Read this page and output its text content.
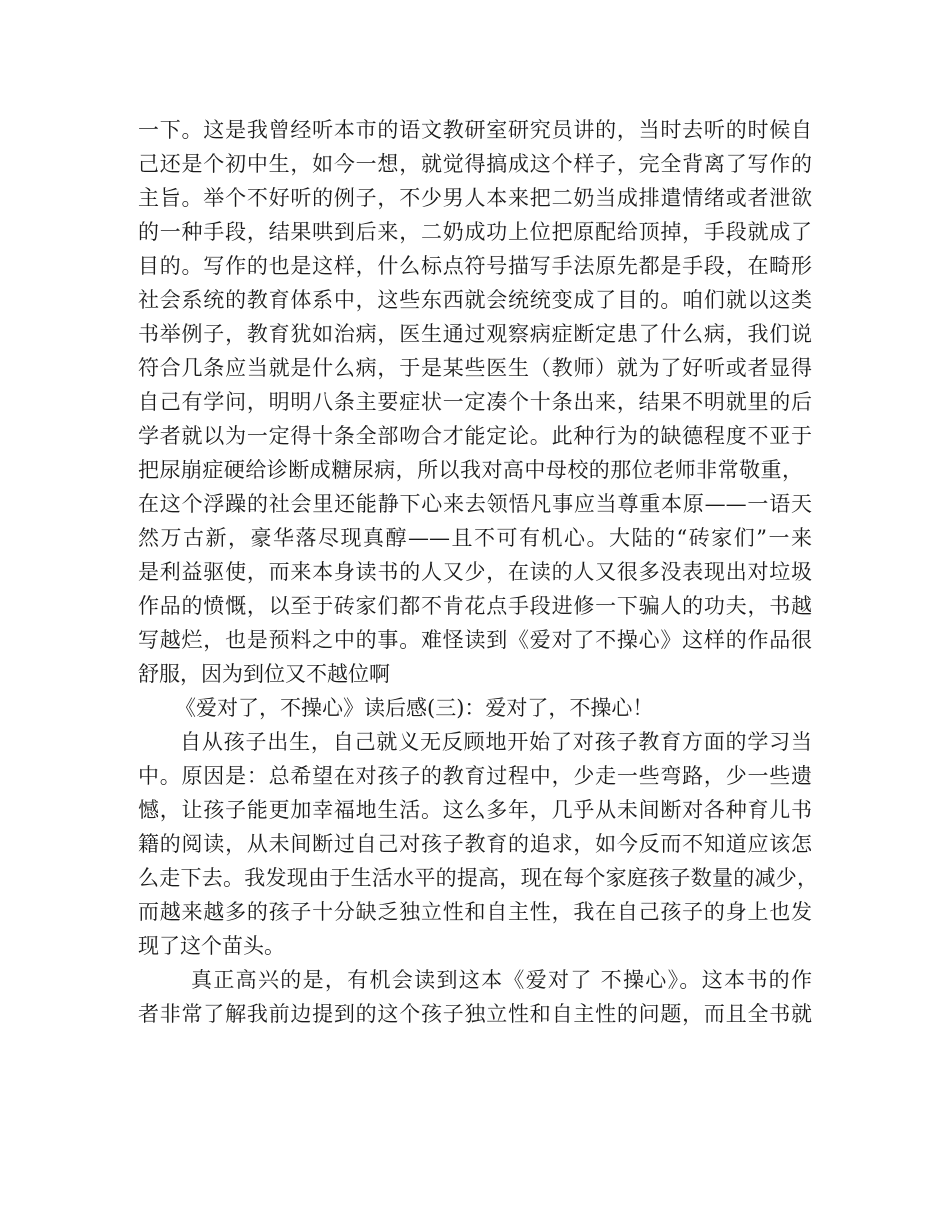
一下。这是我曾经听本市的语文教研室研究员讲的，当时去听的时候自
己还是个初中生，如今一想，就觉得搞成这个样子，完全背离了写作的
主旨。举个不好听的例子，不少男人本来把二奶当成排遣情绪或者泄欲
的一种手段，结果哄到后来，二奶成功上位把原配给顶掉，手段就成了
目的。写作的也是这样，什么标点符号描写手法原先都是手段，在畸形
社会系统的教育体系中，这些东西就会统统变成了目的。咱们就以这类
书举例子，教育犹如治病，医生通过观察病症断定患了什么病，我们说
符合几条应当就是什么病，于是某些医生（教师）就为了好听或者显得
自己有学问，明明八条主要症状一定凑个十条出来，结果不明就里的后
学者就以为一定得十条全部吻合才能定论。此种行为的缺德程度不亚于
把尿崩症硬给诊断成糖尿病，所以我对高中母校的那位老师非常敬重，
在这个浮躁的社会里还能静下心来去领悟凡事应当尊重本原——一语天
然万古新，豪华落尽现真醇——且不可有机心。大陆的“砖家们”一来
是利益驱使，而来本身读书的人又少，在读的人又很多没表现出对垃圾
作品的愤慨，以至于砖家们都不肯花点手段进修一下骗人的功夫，书越
写越烂，也是预料之中的事。难怪读到《爱对了不操心》这样的作品很
舒服，因为到位又不越位啊
《爱对了，不操心》读后感(三)：爱对了，不操心！
自从孩子出生，自己就义无反顾地开始了对孩子教育方面的学习当
中。原因是：总希望在对孩子的教育过程中，少走一些弯路，少一些遗
憾，让孩子能更加幸福地生活。这么多年，几乎从未间断对各种育儿书
籍的阅读，从未间断过自己对孩子教育的追求，如今反而不知道应该怎
么走下去。我发现由于生活水平的提高，现在每个家庭孩子数量的减少，
而越来越多的孩子十分缺乏独立性和自主性，我在自己孩子的身上也发
现了这个苗头。
真正高兴的是，有机会读到这本《爱对了 不操心》。这本书的作
者非常了解我前边提到的这个孩子独立性和自主性的问题，而且全书就
